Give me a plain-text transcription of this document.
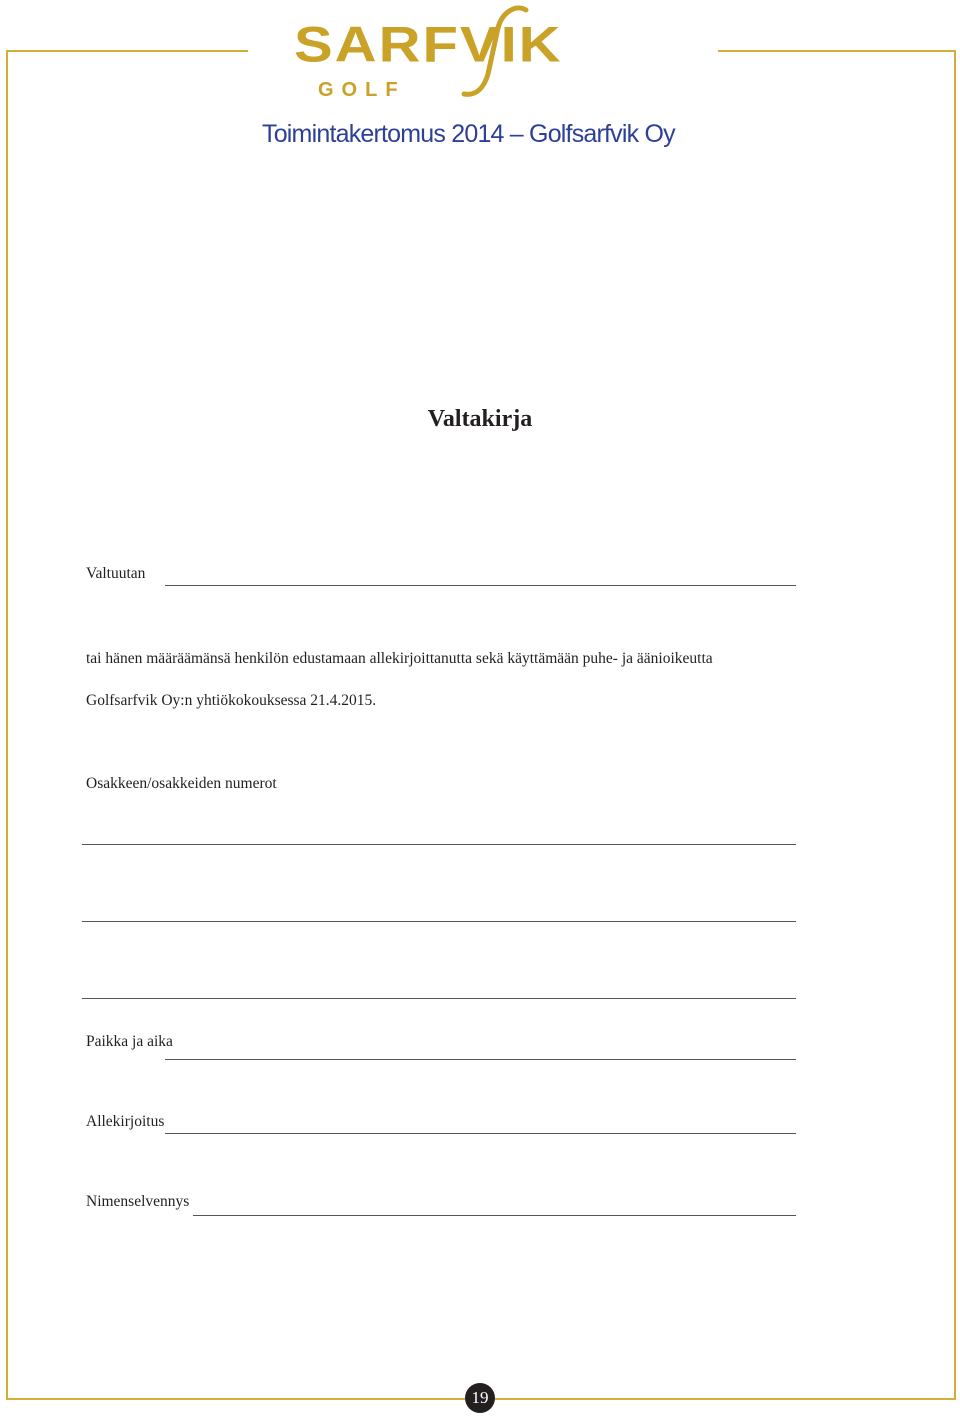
SARFVIK
GOLF
Toimintakertomus 2014 – Golfsarfvik Oy
Valtakirja
Valtuutan
tai hänen määräämänsä henkilön edustamaan allekirjoittanutta sekä käyttämään puhe- ja äänioikeutta
Golfsarfvik Oy:n yhtiökokouksessa 21.4.2015.
Osakkeen/osakkeiden numerot
Paikka ja aika
Allekirjoitus
Nimenselvennys
19
